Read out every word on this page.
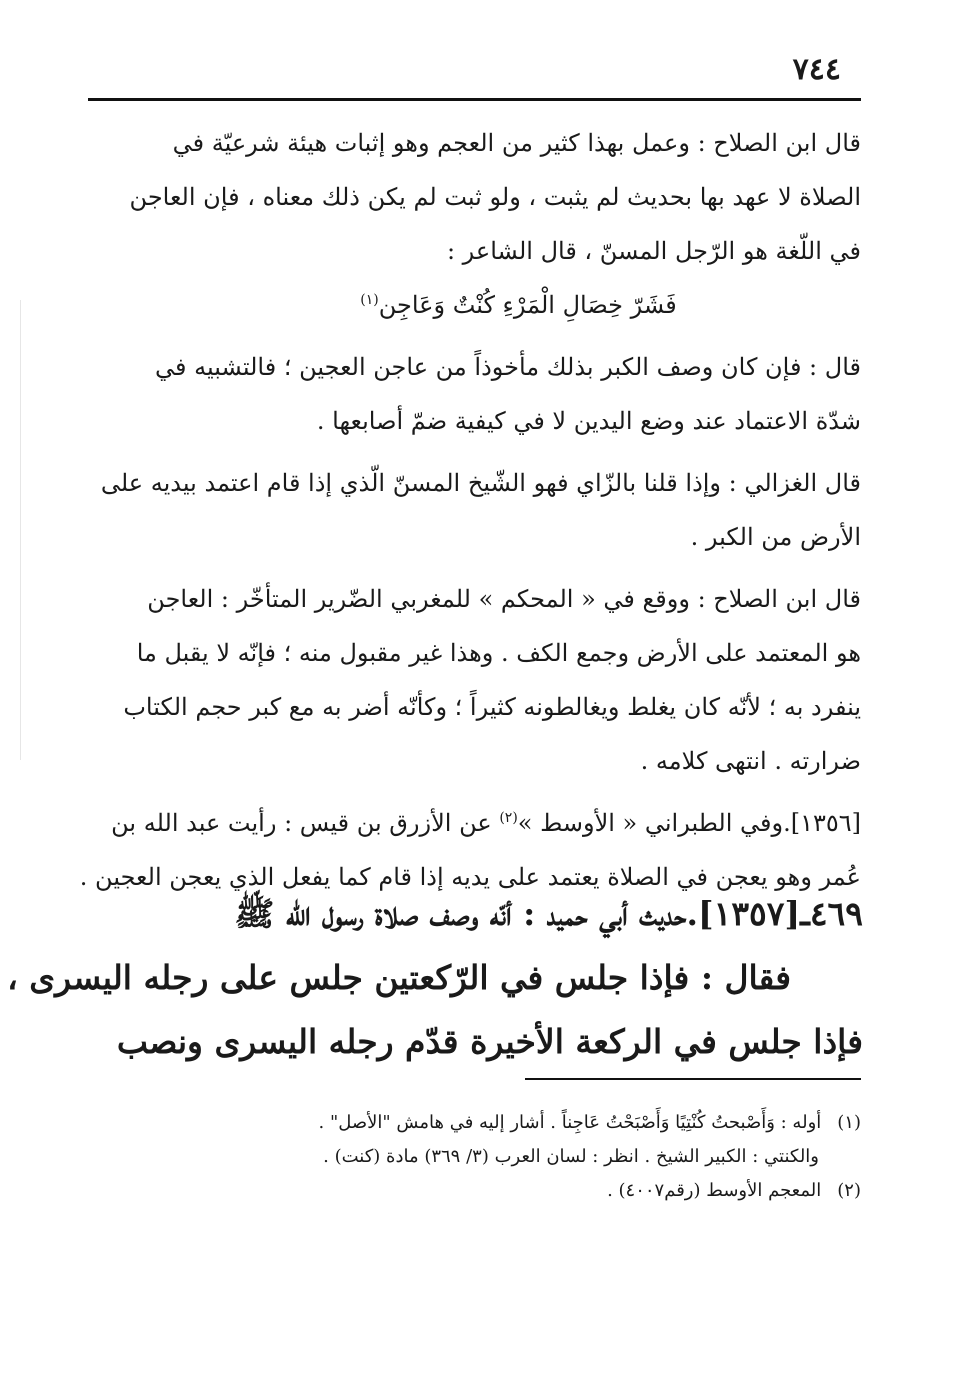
٧٤٤
قال ابن الصلاح : وعمل بهذا كثير من العجم وهو إثبات هيئة شرعيّة في
الصلاة لا عهد بها بحديث لم يثبت ، ولو ثبت لم يكن ذلك معناه ، فإن العاجن
في اللّغة هو الرّجل المسنّ ، قال الشاعر :
فَشَرّ خِصَالِ الْمَرْءِ كُنْتٌ وَعَاجِن$^{(١)}$
قال : فإن كان وصف الكبر بذلك مأخوذاً من عاجن العجين ؛ فالتشبيه في
شدّة الاعتماد عند وضع اليدين لا في كيفية ضمّ أصابعها .
قال الغزالي : وإذا قلنا بالزّاي فهو الشّيخ المسنّ الّذي إذا قام اعتمد بيديه على
الأرض من الكبر .
قال ابن الصلاح : ووقع في « المحكم » للمغربي الضّرير المتأخّر : العاجن
هو المعتمد على الأرض وجمع الكف . وهذا غير مقبول منه ؛ فإنّه لا يقبل ما
ينفرد به ؛ لأنّه كان يغلط ويغالطونه كثيراً ؛ وكأنّه أضر به مع كبر حجم الكتاب
ضرارته . انتهى كلامه .
[١٣٥٦].وفي الطبراني « الأوسط »$^{(٢)}$ عن الأزرق بن قيس : رأيت عبد الله بن
عُمر وهو يعجن في الصلاة يعتمد على يديه إذا قام كما يفعل الذي يعجن العجين .
٤٦٩ـ[١٣٥٧].حديث أبي حميد : أنّه وصف صلاة رسول الله ﷺ
فقال : فإذا جلس في الرّكعتين جلس على رجله اليسرى ،
فإذا جلس في الركعة الأخيرة قدّم رجله اليسرى ونصب
(١) أوله : وَأَصْبحتُ كُنْتِيًا وَأَصْبَحْتُ عَاجِناً . أشار إليه في هامش "الأصل" .
والكنتي : الكبير الشيخ . انظر : لسان العرب (٣/ ٣٦٩) مادة (كنت) .
(٢) المعجم الأوسط (رقم٤٠٠٧) .
